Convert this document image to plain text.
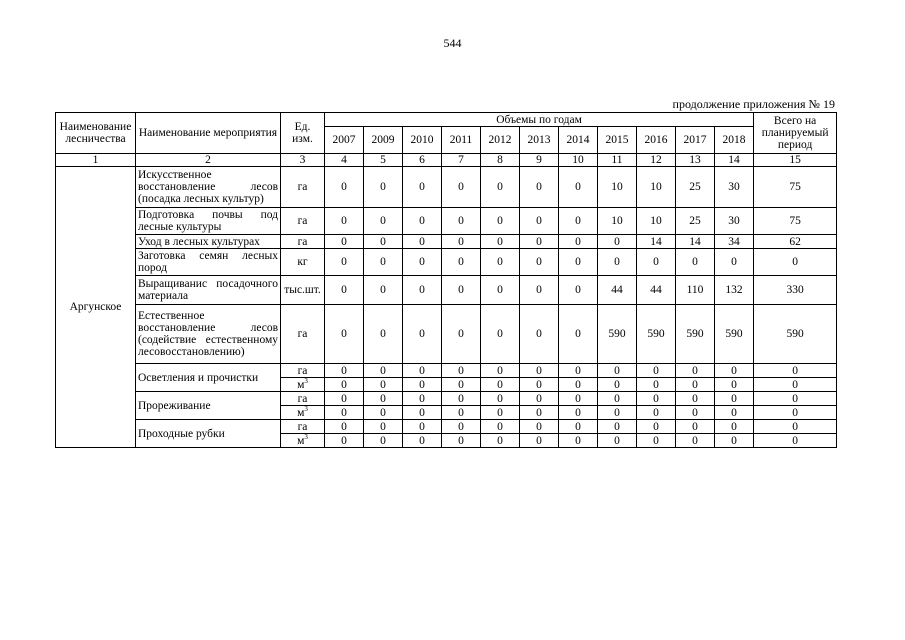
544
продолжение приложения № 19
Наименование лесничества	Наименование мероприятия	Ед. изм.	Объемы по годам											Всего на планируемый период
			2007	2009	2010	2011	2012	2013	2014	2015	2016	2017	2018	
1	2	3	4	5	6	7	8	9	10	11	12	13	14	15
Аргунское	Искусственное восстановление лесов (посадка лесных культур)	га	0	0	0	0	0	0	0	10	10	25	30	75
	Подготовка почвы под лесные культуры	га	0	0	0	0	0	0	0	10	10	25	30	75
	Уход в лесных культурах	га	0	0	0	0	0	0	0	0	14	14	34	62
	Заготовка семян лесных пород	кг	0	0	0	0	0	0	0	0	0	0	0	0
	Выращиванис посадочного материала	тыс.шт.	0	0	0	0	0	0	0	44	44	110	132	330
	Естественное восстановление лесов (содействие естественному лесовосстановлению)	га	0	0	0	0	0	0	0	590	590	590	590	590
	Осветления и прочистки	га	0	0	0	0	0	0	0	0	0	0	0	0
		$м^3$	0	0	0	0	0	0	0	0	0	0	0	0
	Прореживание	га	0	0	0	0	0	0	0	0	0	0	0	0
		$м^3$	0	0	0	0	0	0	0	0	0	0	0	0
	Проходные рубки	га	0	0	0	0	0	0	0	0	0	0	0	0
		$м^3$	0	0	0	0	0	0	0	0	0	0	0	0
